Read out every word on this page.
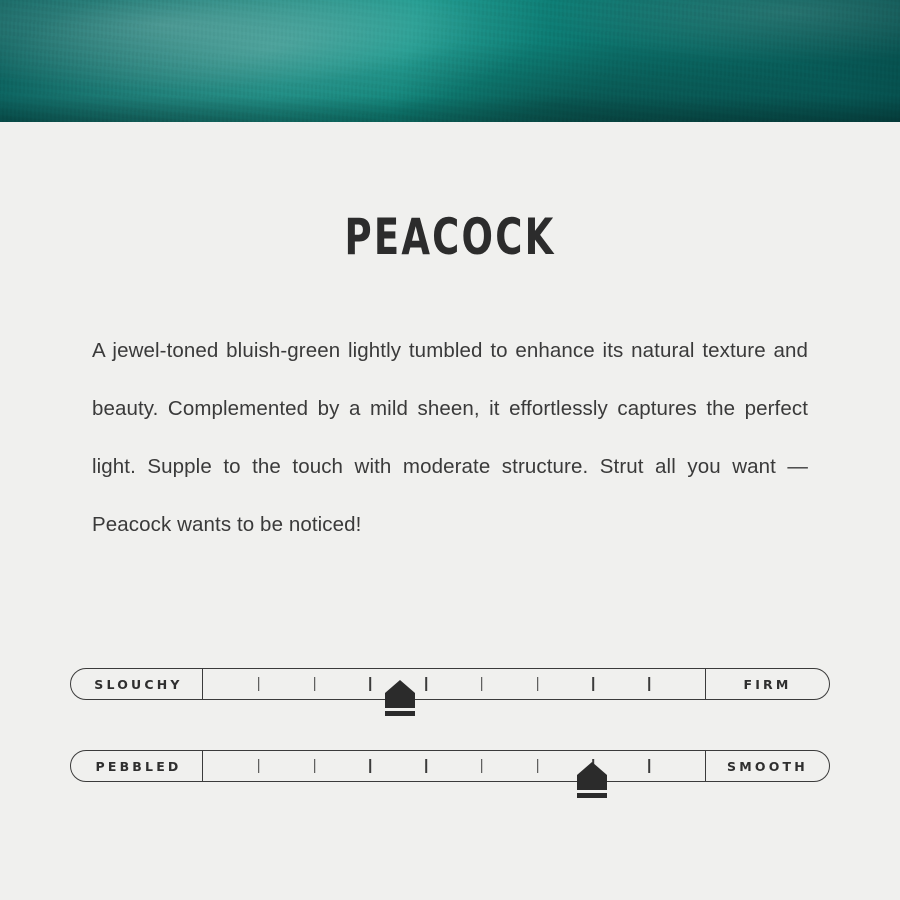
PEACOCK

A jewel-toned bluish-green lightly tumbled to enhance its natural texture and beauty. Complemented by a mild sheen, it effortlessly captures the perfect light. Supple to the touch with moderate structure. Strut all you want — Peacock wants to be noticed!

SLOUCHY	FIRM
PEBBLED	SMOOTH
